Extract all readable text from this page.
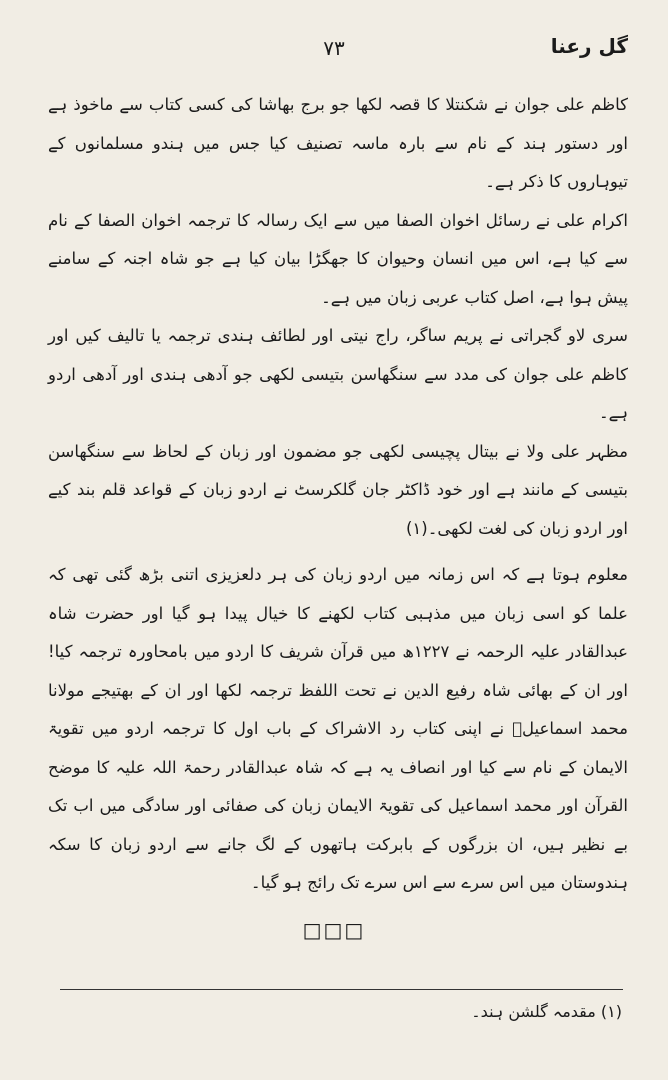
گل رعنا
۷۳

کاظم علی جوان نے شکنتلا کا قصہ لکھا جو برج بھاشا کی کسی کتاب سے ماخوذ ہے اور دستور ہند کے نام سے بارہ ماسہ تصنیف کیا جس میں ہندو مسلمانوں کے تیوہاروں کا ذکر ہے۔

اکرام علی نے رسائل اخوان الصفا میں سے ایک رسالہ کا ترجمہ اخوان الصفا کے نام سے کیا ہے، اس میں انسان وحیوان کا جھگڑا بیان کیا ہے جو شاہ اجنہ کے سامنے پیش ہوا ہے، اصل کتاب عربی زبان میں ہے۔

سری لاو گجراتی نے پریم ساگر، راج نیتی اور لطائف ہندی ترجمہ یا تالیف کیں اور کاظم علی جوان کی مدد سے سنگھاسن بتیسی لکھی جو آدھی ہندی اور آدھی اردو ہے۔

مظہر علی ولا نے بیتال پچیسی لکھی جو مضمون اور زبان کے لحاظ سے سنگھاسن بتیسی کے مانند ہے اور خود ڈاکٹر جان گلکرسٹ نے اردو زبان کے قواعد قلم بند کیے اور اردو زبان کی لغت لکھی۔(۱)

معلوم ہوتا ہے کہ اس زمانہ میں اردو زبان کی ہر دلعزیزی اتنی بڑھ گئی تھی کہ علما کو اسی زبان میں مذہبی کتاب لکھنے کا خیال پیدا ہو گیا اور حضرت شاہ عبدالقادر علیہ الرحمہ نے ۱۲۲۷ھ میں قرآن شریف کا اردو میں بامحاورہ ترجمہ کیا! اور ان کے بھائی شاہ رفیع الدین نے تحت اللفظ ترجمہ لکھا اور ان کے بھتیجے مولانا محمد اسماعیلؒ نے اپنی کتاب رد الاشراک کے باب اول کا ترجمہ اردو میں تقویۃ الایمان کے نام سے کیا اور انصاف یہ ہے کہ شاہ عبدالقادر رحمۃ اللہ علیہ کا موضح القرآن اور محمد اسماعیل کی تقویۃ الایمان زبان کی صفائی اور سادگی میں اب تک بے نظیر ہیں، ان بزرگوں کے بابرکت ہاتھوں کے لگ جانے سے اردو زبان کا سکہ ہندوستان میں اس سرے سے اس سرے تک رائج ہو گیا۔

□□□
(۱) مقدمہ گلشن ہند۔
